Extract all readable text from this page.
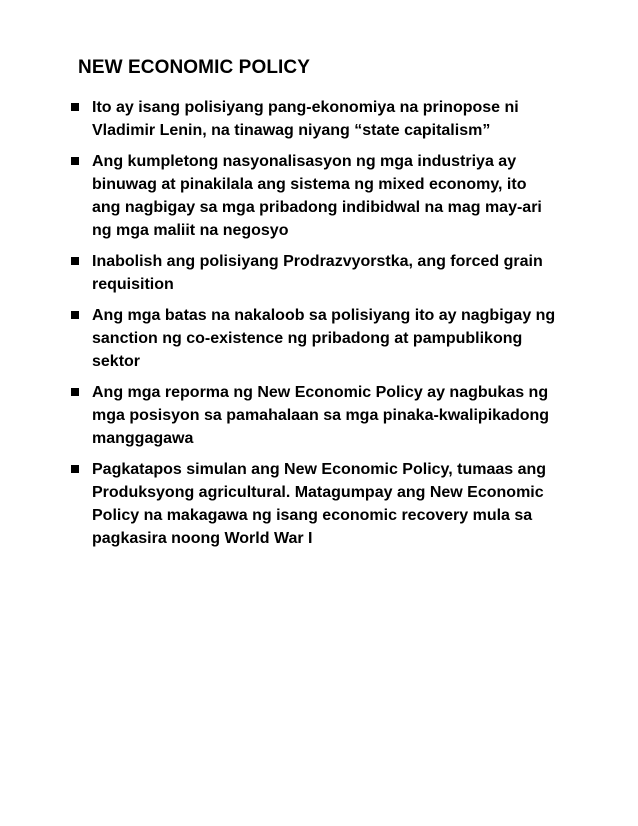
NEW ECONOMIC POLICY
Ito ay isang polisiyang pang-ekonomiya na prinopose ni
Vladimir Lenin, na tinawag niyang “state capitalism”
Ang kumpletong nasyonalisasyon ng mga industriya ay
binuwag at pinakilala ang sistema ng mixed economy, ito
ang nagbigay sa mga pribadong indibidwal na mag may-ari
ng mga maliit na negosyo
Inabolish ang polisiyang Prodrazvyorstka, ang forced grain
requisition
Ang mga batas na nakaloob sa polisiyang ito ay nagbigay ng
sanction ng co-existence ng pribadong at pampublikong
sektor
Ang mga reporma ng New Economic Policy ay nagbukas ng
mga posisyon sa pamahalaan sa mga pinaka-kwalipikadong
manggagawa
Pagkatapos simulan ang New Economic Policy, tumaas ang
Produksyong agricultural. Matagumpay ang New Economic
Policy na makagawa ng isang economic recovery mula sa
pagkasira noong World War I
